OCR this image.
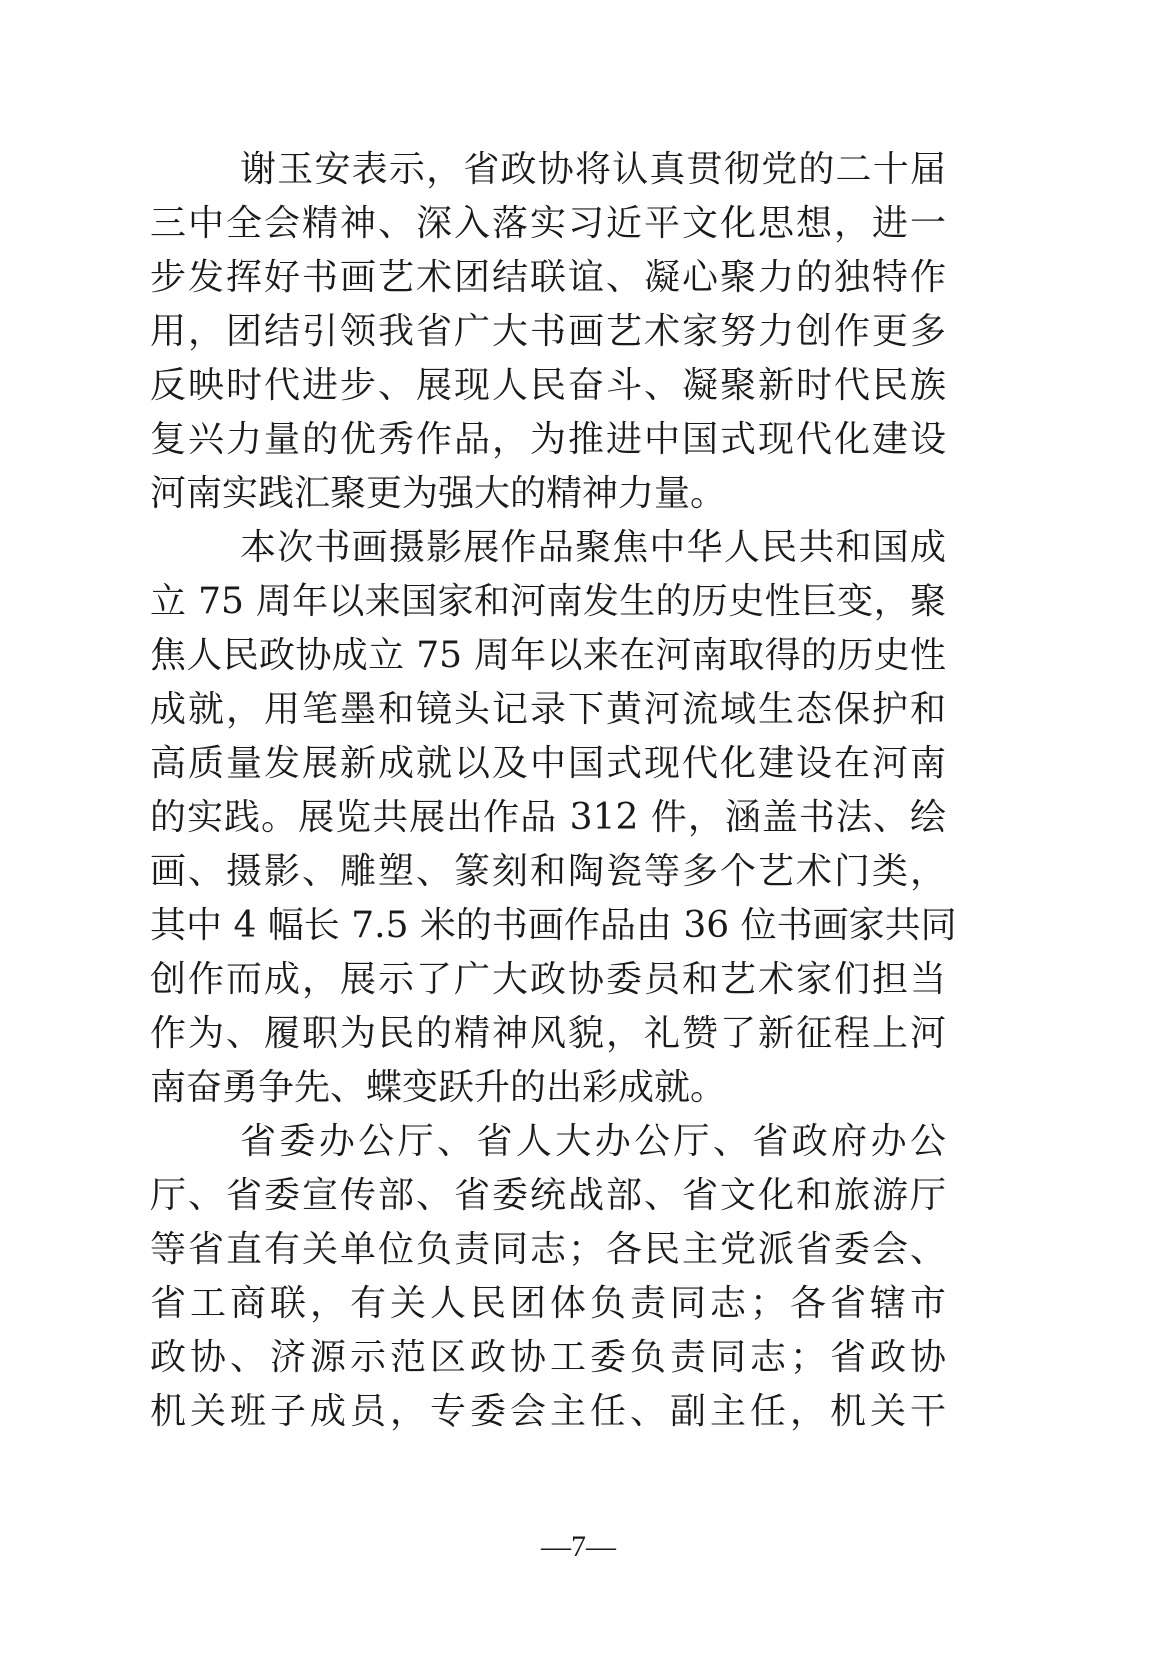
谢玉安表示，省政协将认真贯彻党的二十届
三中全会精神、深入落实习近平文化思想，进一
步发挥好书画艺术团结联谊、凝心聚力的独特作
用，团结引领我省广大书画艺术家努力创作更多
反映时代进步、展现人民奋斗、凝聚新时代民族
复兴力量的优秀作品，为推进中国式现代化建设
河南实践汇聚更为强大的精神力量。
本次书画摄影展作品聚焦中华人民共和国成
立 75 周年以来国家和河南发生的历史性巨变，聚
焦人民政协成立 75 周年以来在河南取得的历史性
成就，用笔墨和镜头记录下黄河流域生态保护和
高质量发展新成就以及中国式现代化建设在河南
的实践。展览共展出作品 312 件，涵盖书法、绘
画、摄影、雕塑、篆刻和陶瓷等多个艺术门类，
其中 4 幅长 7.5 米的书画作品由 36 位书画家共同
创作而成，展示了广大政协委员和艺术家们担当
作为、履职为民的精神风貌，礼赞了新征程上河
南奋勇争先、蝶变跃升的出彩成就。
省委办公厅、省人大办公厅、省政府办公
厅、省委宣传部、省委统战部、省文化和旅游厅
等省直有关单位负责同志；各民主党派省委会、
省工商联，有关人民团体负责同志；各省辖市
政协、济源示范区政协工委负责同志；省政协
机关班子成员，专委会主任、副主任，机关干
—7—
